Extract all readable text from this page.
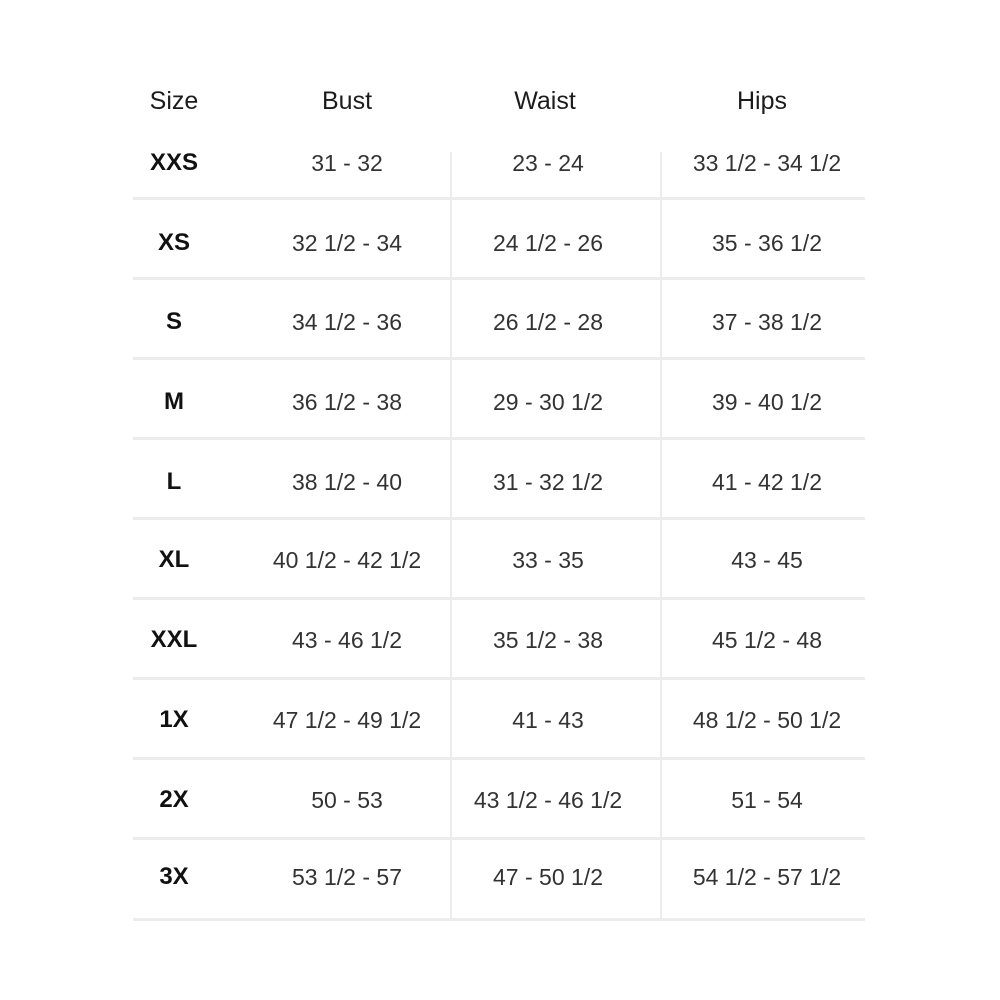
Size	Bust	Waist	Hips
XXS	31 - 32	23 - 24	33 1/2 - 34 1/2
XS	32 1/2 - 34	24 1/2 - 26	35 - 36 1/2
S	34 1/2 - 36	26 1/2 - 28	37 - 38 1/2
M	36 1/2 - 38	29 - 30 1/2	39 - 40 1/2
L	38 1/2 - 40	31 - 32 1/2	41 - 42 1/2
XL	40 1/2 - 42 1/2	33 - 35	43 - 45
XXL	43 - 46 1/2	35 1/2 - 38	45 1/2 - 48
1X	47 1/2 - 49 1/2	41 - 43	48 1/2 - 50 1/2
2X	50 - 53	43 1/2 - 46 1/2	51 - 54
3X	53 1/2 - 57	47 - 50 1/2	54 1/2 - 57 1/2
